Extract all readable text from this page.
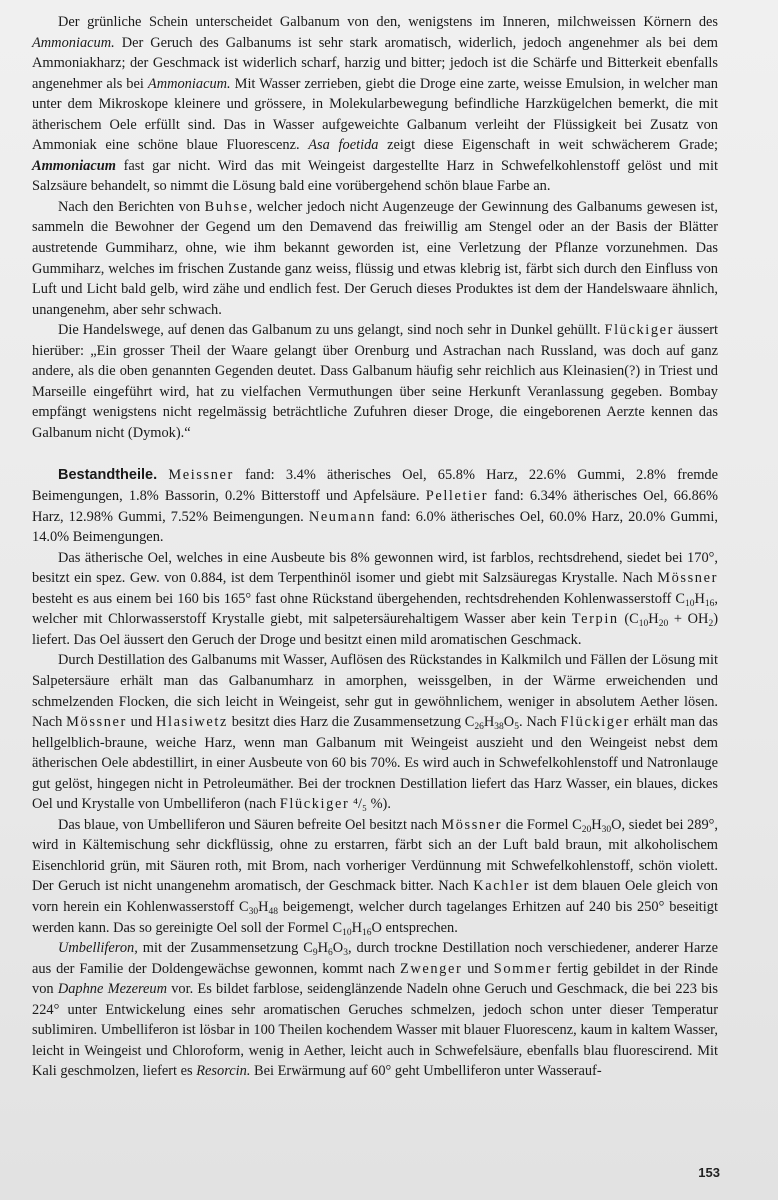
Der grünliche Schein unterscheidet Galbanum von den, wenigstens im Inneren, milchweissen Körnern des Ammoniacum. Der Geruch des Galbanums ist sehr stark aromatisch, widerlich, jedoch angenehmer als bei dem Ammoniakharz; der Geschmack ist widerlich scharf, harzig und bitter; jedoch ist die Schärfe und Bitterkeit ebenfalls angenehmer als bei Ammoniacum. Mit Wasser zerrieben, giebt die Droge eine zarte, weisse Emulsion, in welcher man unter dem Mikroskope kleinere und grössere, in Molekularbewegung befindliche Harzkügelchen bemerkt, die mit ätherischem Oele erfüllt sind. Das in Wasser aufgeweichte Galbanum verleiht der Flüssigkeit bei Zusatz von Ammoniak eine schöne blaue Fluorescenz. Asa foetida zeigt diese Eigenschaft in weit schwächerem Grade; Ammoniacum fast gar nicht. Wird das mit Weingeist dargestellte Harz in Schwefelkohlenstoff gelöst und mit Salzsäure behandelt, so nimmt die Lösung bald eine vorübergehend schön blaue Farbe an.

Nach den Berichten von Buhse, welcher jedoch nicht Augenzeuge der Gewinnung des Galbanums gewesen ist, sammeln die Bewohner der Gegend um den Demavend das freiwillig am Stengel oder an der Basis der Blätter austretende Gummiharz, ohne, wie ihm bekannt geworden ist, eine Verletzung der Pflanze vorzunehmen. Das Gummiharz, welches im frischen Zustande ganz weiss, flüssig und etwas klebrig ist, färbt sich durch den Einfluss von Luft und Licht bald gelb, wird zähe und endlich fest. Der Geruch dieses Produktes ist dem der Handelswaare ähnlich, unangenehm, aber sehr schwach.

Die Handelswege, auf denen das Galbanum zu uns gelangt, sind noch sehr in Dunkel gehüllt. Flückiger äussert hierüber: „Ein grosser Theil der Waare gelangt über Orenburg und Astrachan nach Russland, was doch auf ganz andere, als die oben genannten Gegenden deutet. Dass Galbanum häufig sehr reichlich aus Kleinasien(?) in Triest und Marseille eingeführt wird, hat zu vielfachen Vermuthungen über seine Herkunft Veranlassung gegeben. Bombay empfängt wenigstens nicht regelmässig beträchtliche Zufuhren dieser Droge, die eingeborenen Aerzte kennen das Galbanum nicht (Dymok).“

Bestandtheile. Meissner fand: 3.4% ätherisches Oel, 65.8% Harz, 22.6% Gummi, 2.8% fremde Beimengungen, 1.8% Bassorin, 0.2% Bitterstoff und Apfelsäure. Pelletier fand: 6.34% ätherisches Oel, 66.86% Harz, 12.98% Gummi, 7.52% Beimengungen. Neumann fand: 6.0% ätherisches Oel, 60.0% Harz, 20.0% Gummi, 14.0% Beimengungen.

Das ätherische Oel, welches in eine Ausbeute bis 8% gewonnen wird, ist farblos, rechtsdrehend, siedet bei 170°, besitzt ein spez. Gew. von 0.884, ist dem Terpenthinöl isomer und giebt mit Salzsäuregas Krystalle. Nach Mössner besteht es aus einem bei 160 bis 165° fast ohne Rückstand übergehenden, rechtsdrehenden Kohlenwasserstoff $C_{10}H_{16}$, welcher mit Chlorwasserstoff Krystalle giebt, mit salpetersäurehaltigem Wasser aber kein Terpin $(C_{10}H_{20} + OH_2)$ liefert. Das Oel äussert den Geruch der Droge und besitzt einen mild aromatischen Geschmack.

Durch Destillation des Galbanums mit Wasser, Auflösen des Rückstandes in Kalkmilch und Fällen der Lösung mit Salpetersäure erhält man das Galbanumharz in amorphen, weissgelben, in der Wärme erweichenden und schmelzenden Flocken, die sich leicht in Weingeist, sehr gut in gewöhnlichem, weniger in absolutem Aether lösen. Nach Mössner und Hlasiwetz besitzt dies Harz die Zusammensetzung $C_{26}H_{38}O_5$. Nach Flückiger erhält man das hellgelblich-braune, weiche Harz, wenn man Galbanum mit Weingeist auszieht und den Weingeist nebst dem ätherischen Oele abdestillirt, in einer Ausbeute von 60 bis 70%. Es wird auch in Schwefelkohlenstoff und Natronlauge gut gelöst, hingegen nicht in Petroleumäther. Bei der trocknen Destillation liefert das Harz Wasser, ein blaues, dickes Oel und Krystalle von Umbelliferon (nach Flückiger ⁴/₅ %).

Das blaue, von Umbelliferon und Säuren befreite Oel besitzt nach Mössner die Formel $C_{20}H_{30}O$, siedet bei 289°, wird in Kältemischung sehr dickflüssig, ohne zu erstarren, färbt sich an der Luft bald braun, mit alkoholischem Eisenchlorid grün, mit Säuren roth, mit Brom, nach vorheriger Verdünnung mit Schwefelkohlenstoff, schön violett. Der Geruch ist nicht unangenehm aromatisch, der Geschmack bitter. Nach Kachler ist dem blauen Oele gleich von vorn herein ein Kohlenwasserstoff $C_{30}H_{48}$ beigemengt, welcher durch tagelanges Erhitzen auf 240 bis 250° beseitigt werden kann. Das so gereinigte Oel soll der Formel $C_{10}H_{16}O$ entsprechen.

Umbelliferon, mit der Zusammensetzung $C_9H_6O_3$, durch trockne Destillation noch verschiedener, anderer Harze aus der Familie der Doldengewächse gewonnen, kommt nach Zwenger und Sommer fertig gebildet in der Rinde von Daphne Mezereum vor. Es bildet farblose, seidenglänzende Nadeln ohne Geruch und Geschmack, die bei 223 bis 224° unter Entwickelung eines sehr aromatischen Geruches schmelzen, jedoch schon unter dieser Temperatur sublimiren. Umbelliferon ist lösbar in 100 Theilen kochendem Wasser mit blauer Fluorescenz, kaum in kaltem Wasser, leicht in Weingeist und Chloroform, wenig in Aether, leicht auch in Schwefelsäure, ebenfalls blau fluorescirend. Mit Kali geschmolzen, liefert es Resorcin. Bei Erwärmung auf 60° geht Umbelliferon unter Wasserauf-

153
